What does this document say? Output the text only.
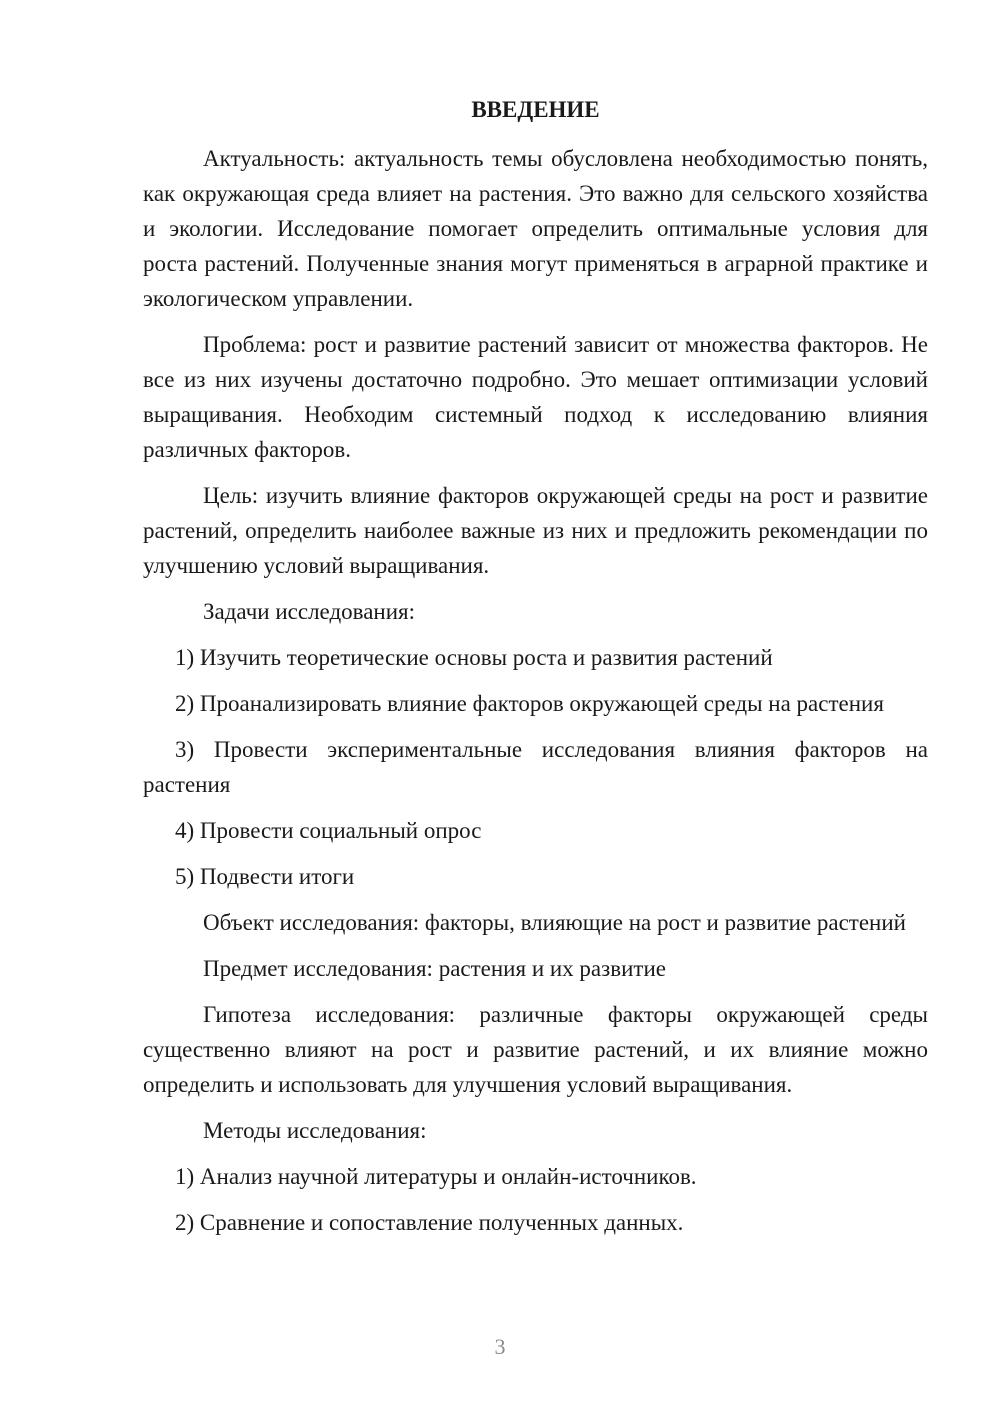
ВВЕДЕНИЕ

Актуальность: актуальность темы обусловлена необходимостью понять, как окружающая среда влияет на растения. Это важно для сельского хозяйства и экологии. Исследование помогает определить оптимальные условия для роста растений. Полученные знания могут применяться в аграрной практике и экологическом управлении.

Проблема: рост и развитие растений зависит от множества факторов. Не все из них изучены достаточно подробно. Это мешает оптимизации условий выращивания. Необходим системный подход к исследованию влияния различных факторов.

Цель: изучить влияние факторов окружающей среды на рост и развитие растений, определить наиболее важные из них и предложить рекомендации по улучшению условий выращивания.

Задачи исследования:

1) Изучить теоретические основы роста и развития растений

2) Проанализировать влияние факторов окружающей среды на растения

3) Провести экспериментальные исследования влияния факторов на растения

4) Провести социальный опрос

5) Подвести итоги

Объект исследования: факторы, влияющие на рост и развитие растений

Предмет исследования: растения и их развитие

Гипотеза исследования: различные факторы окружающей среды существенно влияют на рост и развитие растений, и их влияние можно определить и использовать для улучшения условий выращивания.

Методы исследования:

1) Анализ научной литературы и онлайн-источников.

2) Сравнение и сопоставление полученных данных.

3
